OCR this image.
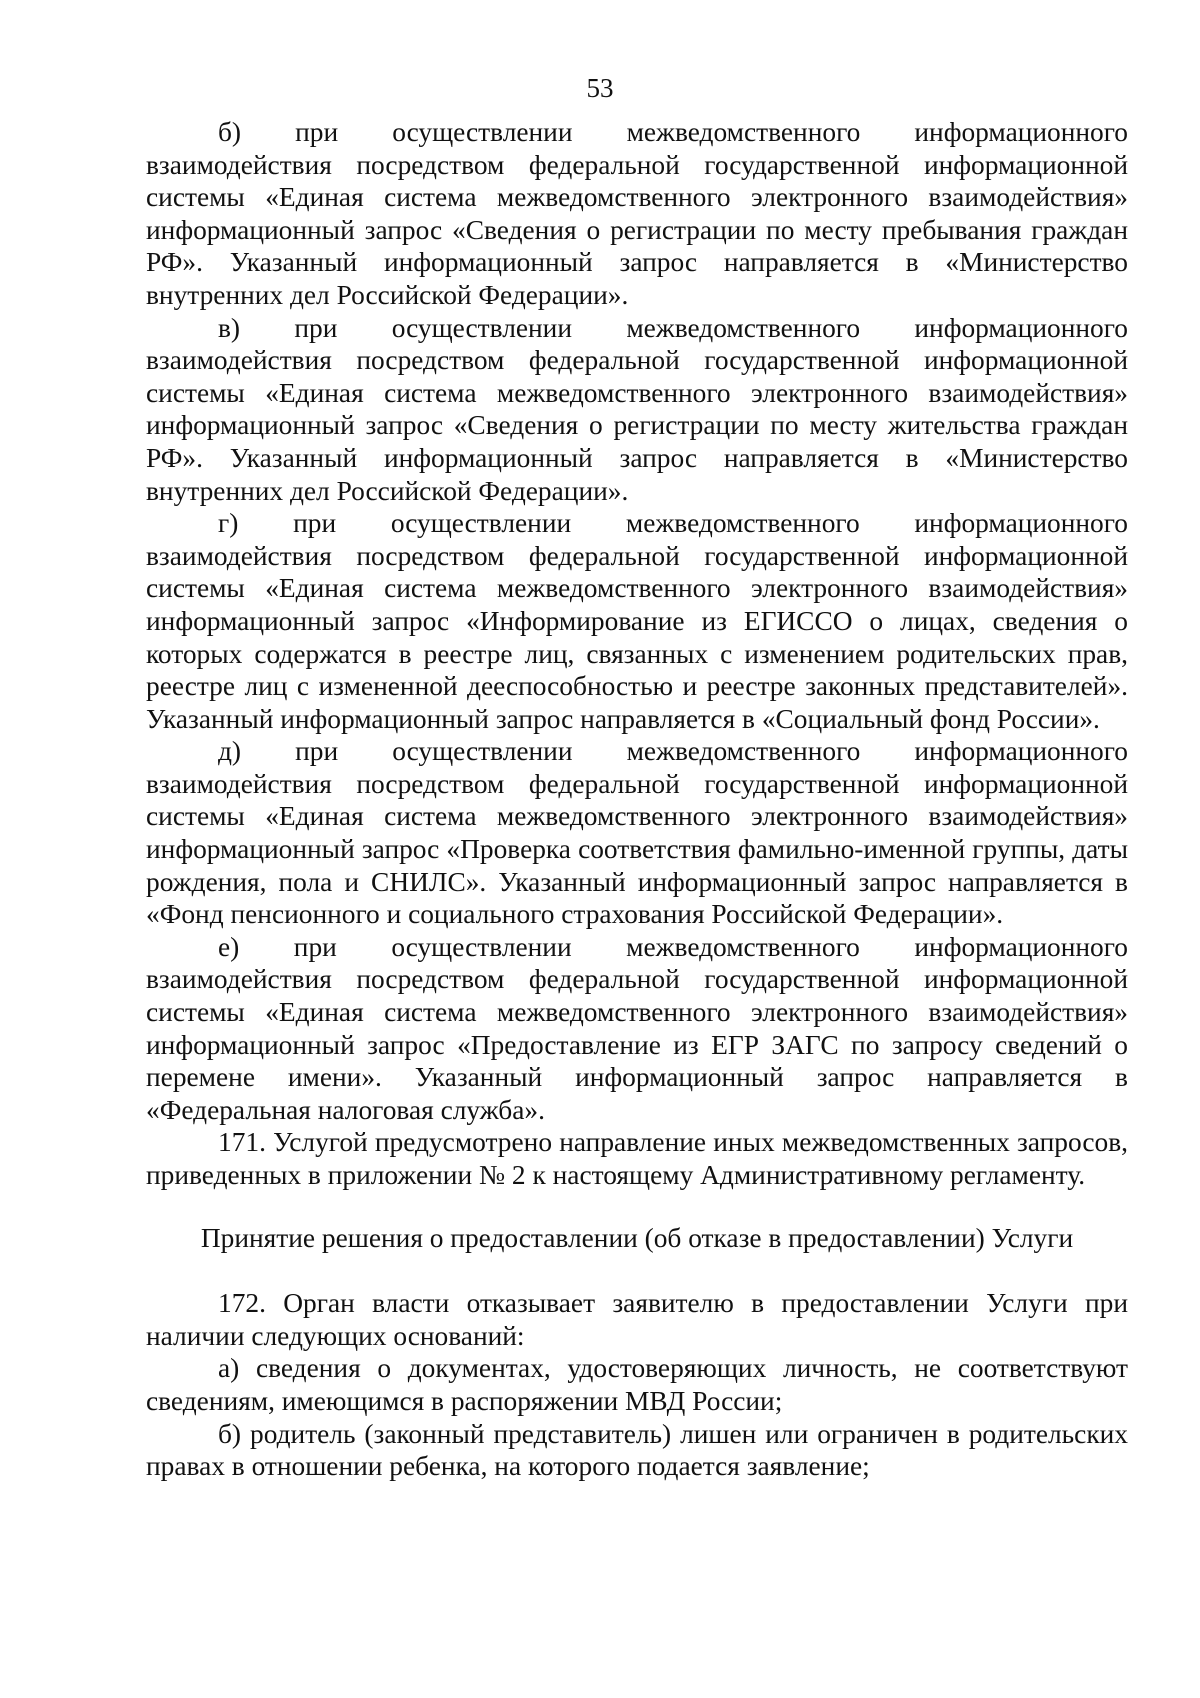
53

б) при осуществлении межведомственного информационного взаимодействия посредством федеральной государственной информационной системы «Единая система межведомственного электронного взаимодействия» информационный запрос «Сведения о регистрации по месту пребывания граждан РФ». Указанный информационный запрос направляется в «Министерство внутренних дел Российской Федерации».

в) при осуществлении межведомственного информационного взаимодействия посредством федеральной государственной информационной системы «Единая система межведомственного электронного взаимодействия» информационный запрос «Сведения о регистрации по месту жительства граждан РФ». Указанный информационный запрос направляется в «Министерство внутренних дел Российской Федерации».

г) при осуществлении межведомственного информационного взаимодействия посредством федеральной государственной информационной системы «Единая система межведомственного электронного взаимодействия» информационный запрос «Информирование из ЕГИССО о лицах, сведения о которых содержатся в реестре лиц, связанных с изменением родительских прав, реестре лиц с измененной дееспособностью и реестре законных представителей». Указанный информационный запрос направляется в «Социальный фонд России».

д) при осуществлении межведомственного информационного взаимодействия посредством федеральной государственной информационной системы «Единая система межведомственного электронного взаимодействия» информационный запрос «Проверка соответствия фамильно-именной группы, даты рождения, пола и СНИЛС». Указанный информационный запрос направляется в «Фонд пенсионного и социального страхования Российской Федерации».

е) при осуществлении межведомственного информационного взаимодействия посредством федеральной государственной информационной системы «Единая система межведомственного электронного взаимодействия» информационный запрос «Предоставление из ЕГР ЗАГС по запросу сведений о перемене имени». Указанный информационный запрос направляется в «Федеральная налоговая служба».

171. Услугой предусмотрено направление иных межведомственных запросов, приведенных в приложении № 2 к настоящему Административному регламенту.

Принятие решения о предоставлении (об отказе в предоставлении) Услуги

172. Орган власти отказывает заявителю в предоставлении Услуги при наличии следующих оснований:

а) сведения о документах, удостоверяющих личность, не соответствуют сведениям, имеющимся в распоряжении МВД России;

б) родитель (законный представитель) лишен или ограничен в родительских правах в отношении ребенка, на которого подается заявление;
